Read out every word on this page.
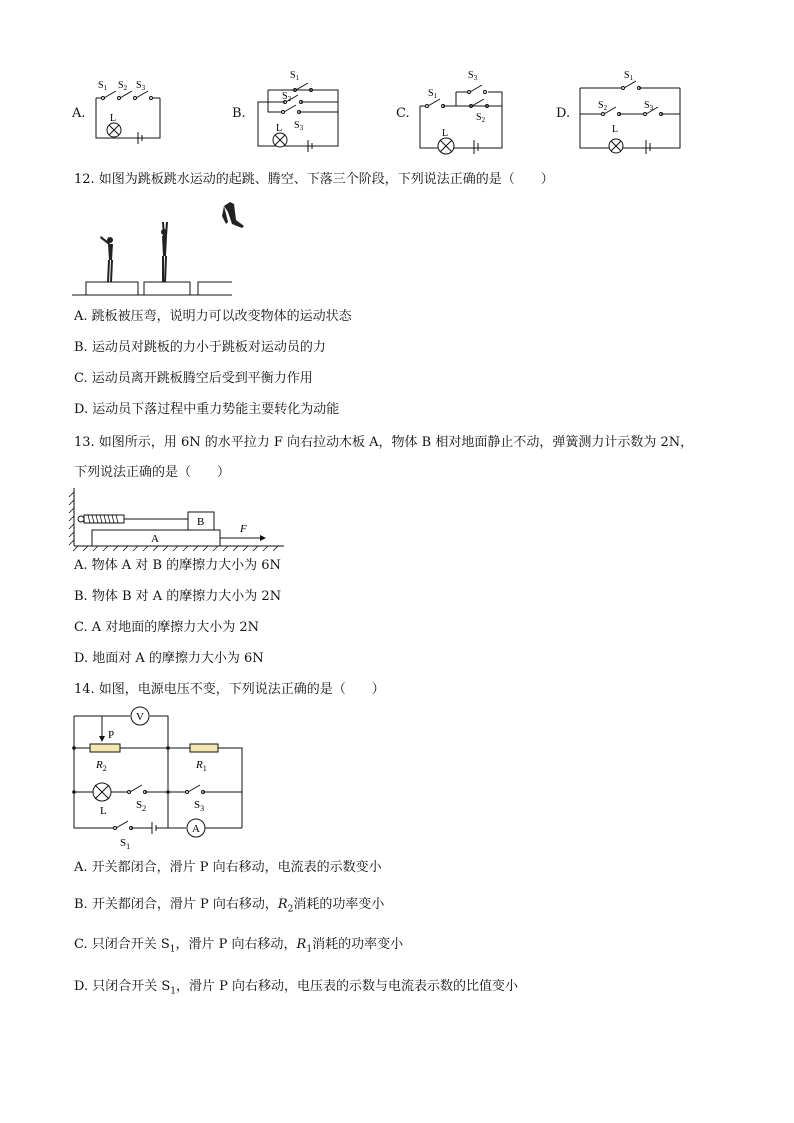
A.	B.	C.	D.
$S_1$ $S_2$ $S_3$
L
$S_1$
$S_2$
$S_3$
L
$S_1$
$S_3$
$S_2$
L
$S_1$
$S_2$	$S_3$
L
12. 如图为跳板跳水运动的起跳、腾空、下落三个阶段，下列说法正确的是（　　）
A. 跳板被压弯，说明力可以改变物体的运动状态
B. 运动员对跳板的力小于跳板对运动员的力
C. 运动员离开跳板腾空后受到平衡力作用
D. 运动员下落过程中重力势能主要转化为动能
13. 如图所示，用 6N 的水平拉力 F 向右拉动木板 A，物体 B 相对地面静止不动，弹簧测力计示数为 2N，
下列说法正确的是（　　）
A
B
F
A. 物体 A 对 B 的摩擦力大小为 6N
B. 物体 B 对 A 的摩擦力大小为 2N
C. A 对地面的摩擦力大小为 2N
D. 地面对 A 的摩擦力大小为 6N
14. 如图，电源电压不变，下列说法正确的是（　　）
V
A
P
$R_2$	$R_1$
L	$S_2$	$S_3$
$S_1$
A. 开关都闭合，滑片 P 向右移动，电流表的示数变小
B. 开关都闭合，滑片 P 向右移动，$R_2$消耗的功率变小
C. 只闭合开关 $S_1$，滑片 P 向右移动，$R_1$消耗的功率变小
D. 只闭合开关 $S_1$，滑片 P 向右移动，电压表的示数与电流表示数的比值变小
